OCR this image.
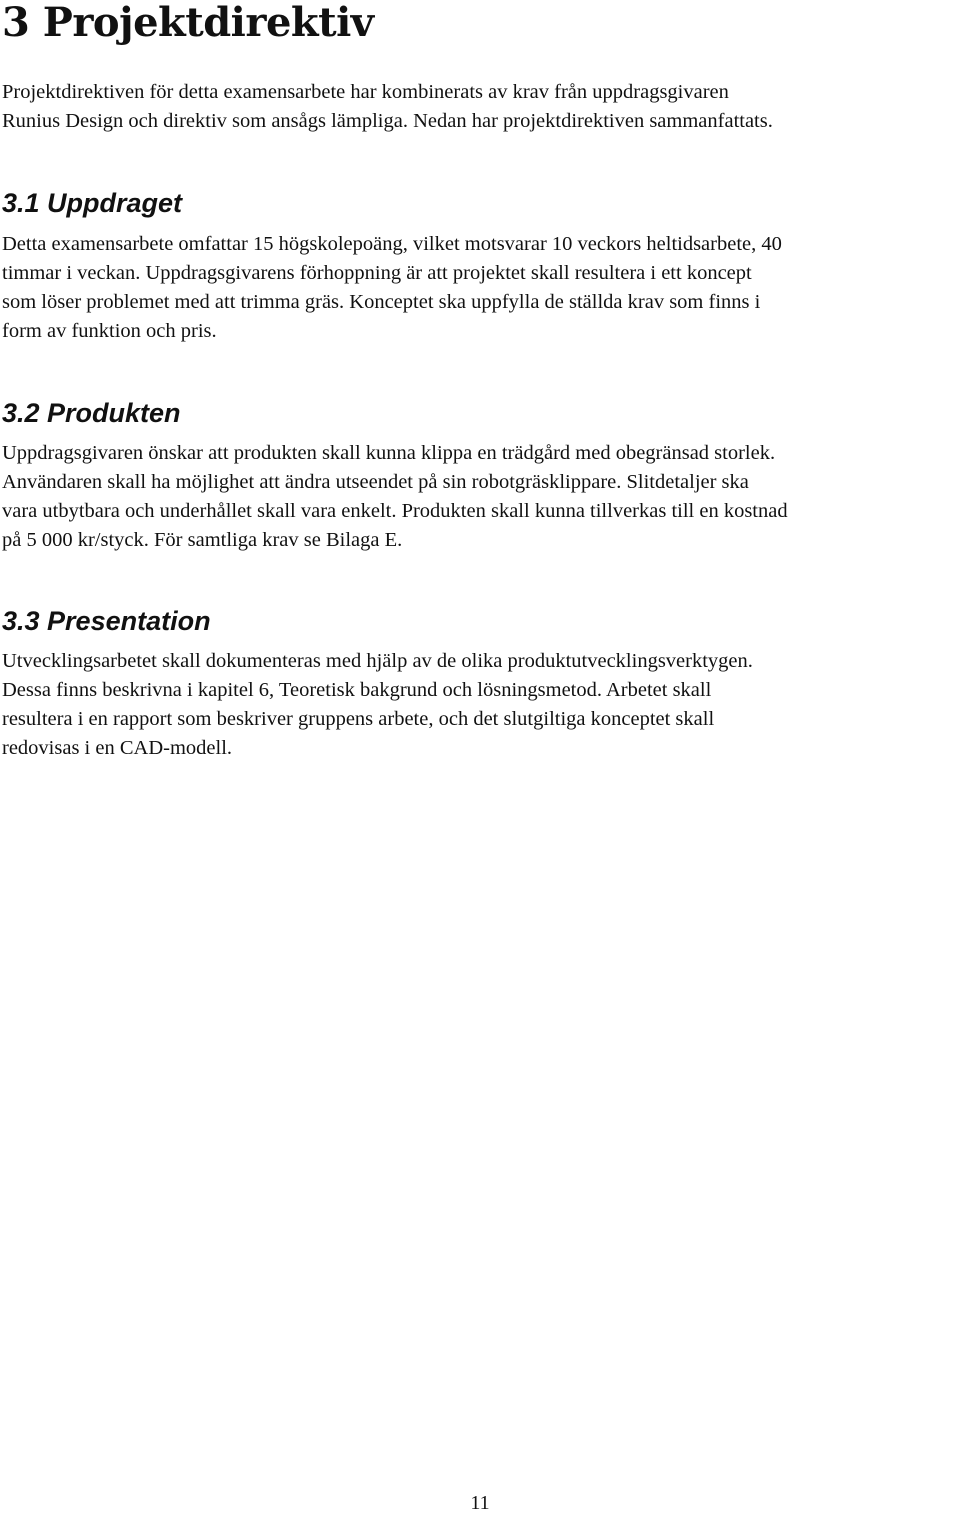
3 Projektdirektiv

Projektdirektiven för detta examensarbete har kombinerats av krav från uppdragsgivaren
Runius Design och direktiv som ansågs lämpliga. Nedan har projektdirektiven sammanfattats.

3.1 Uppdraget

Detta examensarbete omfattar 15 högskolepoäng, vilket motsvarar 10 veckors heltidsarbete, 40
timmar i veckan. Uppdragsgivarens förhoppning är att projektet skall resultera i ett koncept
som löser problemet med att trimma gräs. Konceptet ska uppfylla de ställda krav som finns i
form av funktion och pris.

3.2 Produkten

Uppdragsgivaren önskar att produkten skall kunna klippa en trädgård med obegränsad storlek.
Användaren skall ha möjlighet att ändra utseendet på sin robotgräsklippare. Slitdetaljer ska
vara utbytbara och underhållet skall vara enkelt. Produkten skall kunna tillverkas till en kostnad
på 5 000 kr/styck. För samtliga krav se Bilaga E.

3.3 Presentation

Utvecklingsarbetet skall dokumenteras med hjälp av de olika produktutvecklingsverktygen.
Dessa finns beskrivna i kapitel 6, Teoretisk bakgrund och lösningsmetod. Arbetet skall
resultera i en rapport som beskriver gruppens arbete, och det slutgiltiga konceptet skall
redovisas i en CAD-modell.

11
